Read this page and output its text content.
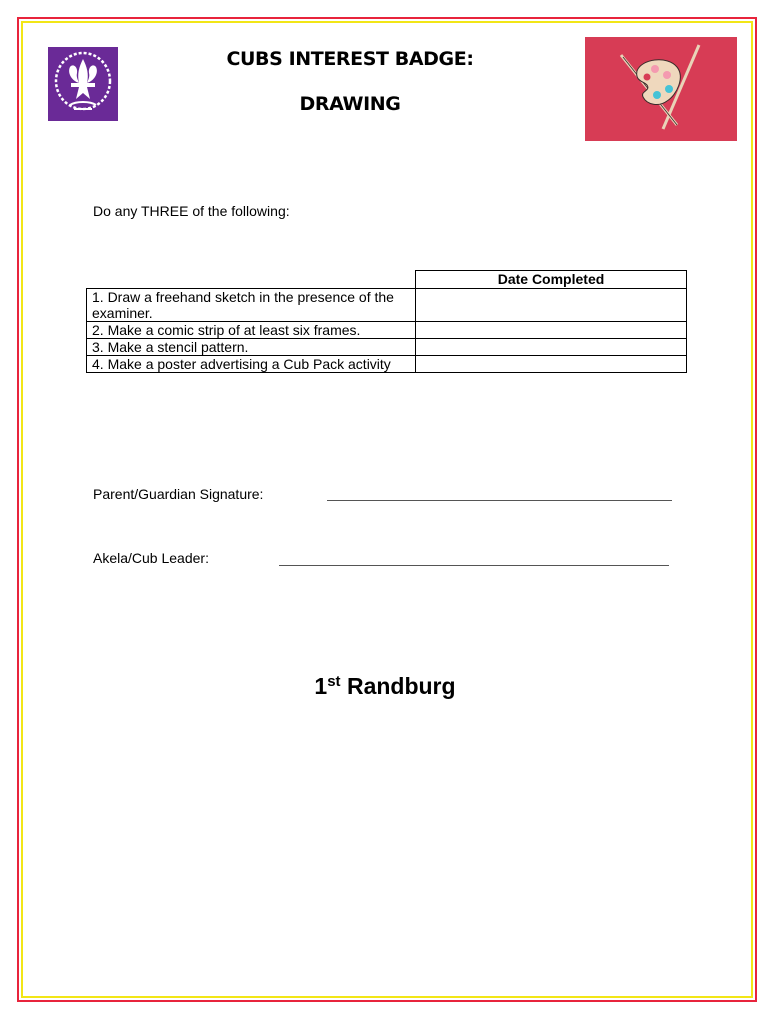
CUBS INTEREST BADGE:
DRAWING
Do any THREE of the following:
	Date Completed
1. Draw a freehand sketch in the presence of the examiner.	
2. Make a comic strip of at least six frames.	
3. Make a stencil pattern.	
4. Make a poster advertising a Cub Pack activity	
Parent/Guardian Signature:
Akela/Cub Leader:
1st Randburg
